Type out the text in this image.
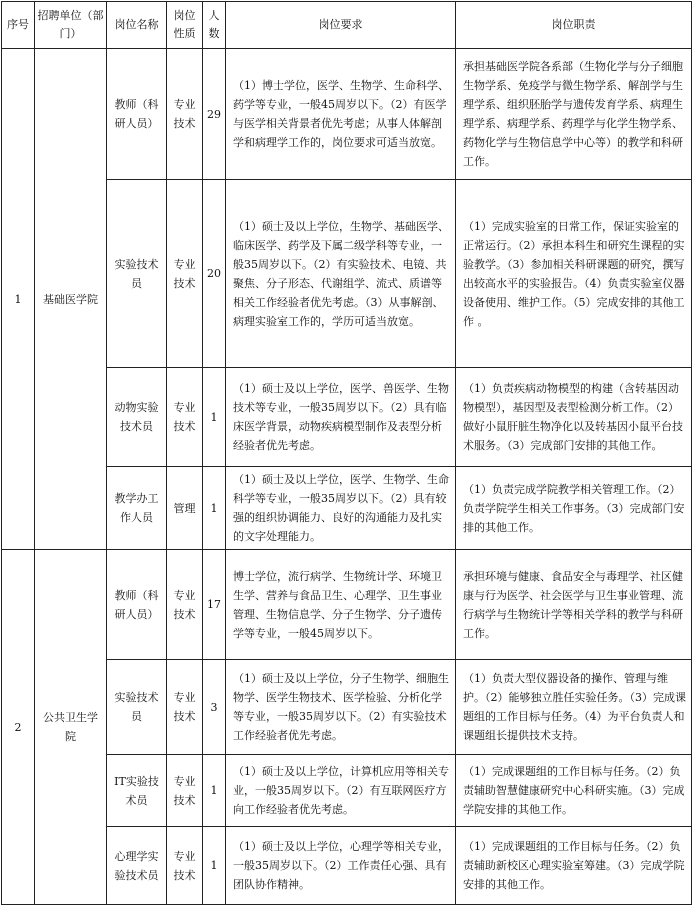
序号	招聘单位（部门）	岗位名称	岗位性质	人数	岗位要求	岗位职责
1	基础医学院	教师（科研人员）	专业技术	29	（1）博士学位，医学、生物学、生命科学、药学等专业，一般45周岁以下。（2）有医学与医学相关背景者优先考虑；从事人体解剖学和病理学工作的，岗位要求可适当放宽。	承担基础医学院各系部（生物化学与分子细胞生物学系、免疫学与微生物学系、解剖学与生理学系、组织胚胎学与遗传发育学系、病理生理学系、病理学系、药理学与化学生物学系、药物化学与生物信息学中心等）的教学和科研工作。
		实验技术员	专业技术	20	（1）硕士及以上学位，生物学、基础医学、临床医学、药学及下属二级学科等专业，一般35周岁以下。（2）有实验技术、电镜、共聚焦、分子形态、代谢组学、流式、质谱等相关工作经验者优先考虑。（3）从事解剖、病理实验室工作的，学历可适当放宽。	（1）完成实验室的日常工作，保证实验室的正常运行。（2）承担本科生和研究生课程的实验教学。（3）参加相关科研课题的研究，撰写出较高水平的实验报告。（4）负责实验室仪器设备使用、维护工作。（5）完成安排的其他工作 。
		动物实验技术员	专业技术	1	（1）硕士及以上学位，医学、兽医学、生物技术等专业，一般35周岁以下。（2）具有临床医学背景，动物疾病模型制作及表型分析经验者优先考虑。	（1）负责疾病动物模型的构建（含转基因动物模型），基因型及表型检测分析工作。（2）做好小鼠肝脏生物净化以及转基因小鼠平台技术服务。（3）完成部门安排的其他工作。
		教学办工作人员	管理	1	（1）硕士及以上学位，医学、生物学、生命科学等专业，一般35周岁以下。（2）具有较强的组织协调能力、良好的沟通能力及扎实的文字处理能力。	（1）负责完成学院教学相关管理工作。（2）负责学院学生相关工作事务。（3）完成部门安排的其他工作。
2	公共卫生学院	教师（科研人员）	专业技术	17	博士学位，流行病学、生物统计学、环境卫生学、营养与食品卫生、心理学、卫生事业管理、生物信息学、分子生物学、分子遗传学等专业，一般45周岁以下。	承担环境与健康、食品安全与毒理学、社区健康与行为医学、社会医学与卫生事业管理、流行病学与生物统计学等相关学科的教学与科研工作。
		实验技术员	专业技术	3	（1）硕士及以上学位，分子生物学、细胞生物学、医学生物技术、医学检验、分析化学等专业，一般35周岁以下。（2）有实验技术工作经验者优先考虑。	（1）负责大型仪器设备的操作、管理与维护。（2）能够独立胜任实验任务。（3）完成课题组的工作目标与任务。（4）为平台负责人和课题组长提供技术支持。
		IT实验技术员	专业技术	1	（1）硕士及以上学位，计算机应用等相关专业，一般35周岁以下。（2）有互联网医疗方向工作经验者优先考虑。	（1）完成课题组的工作目标与任务。（2）负责辅助智慧健康研究中心科研实施。（3）完成学院安排的其他工作。
		心理学实验技术员	专业技术	1	（1）硕士及以上学位，心理学等相关专业，一般35周岁以下。（2）工作责任心强、具有团队协作精神。	（1）完成课题组的工作目标与任务。（2）负责辅助新校区心理实验室筹建。（3）完成学院安排的其他工作。
